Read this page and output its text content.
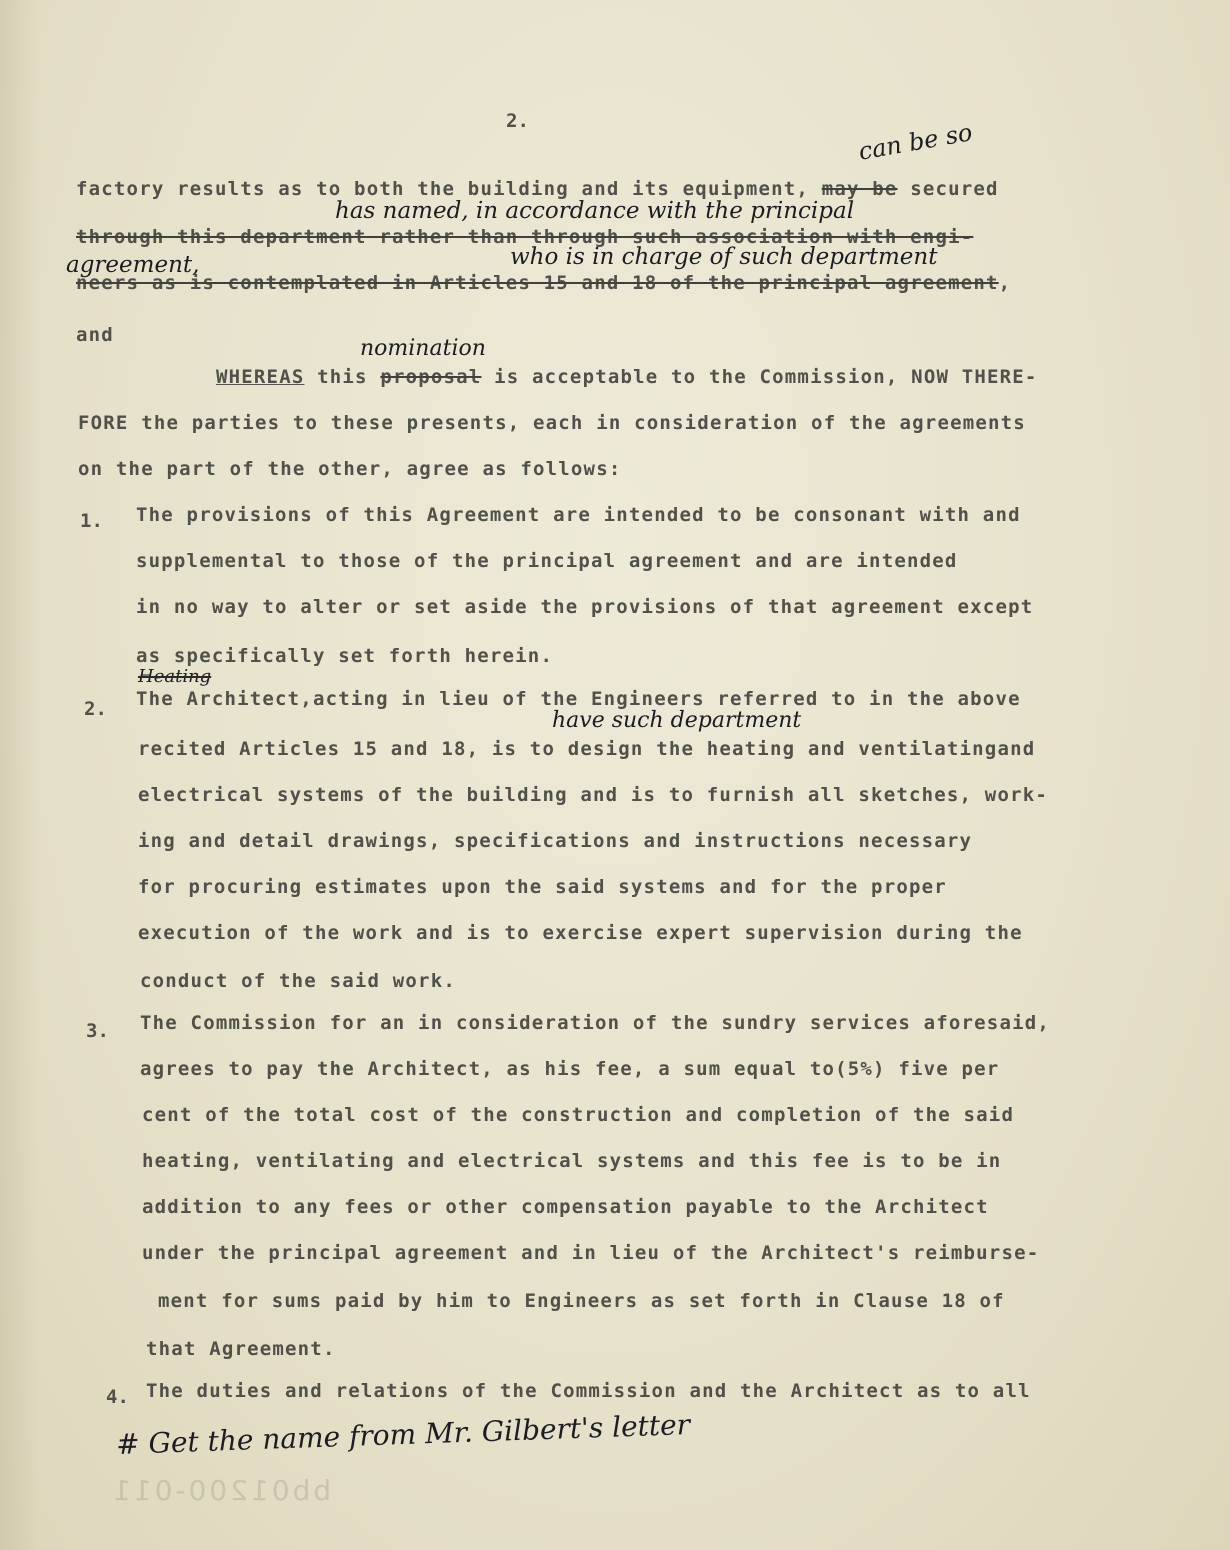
2.	can be so
factory results as to both the building and its equipment, may be secured
has named, in accordance with the principal
through this department rather than through such association with engi-
agreement,	who is in charge of such department
neers as is contemplated in Articles 15 and 18 of the principal agreement,
and
nomination
WHEREAS this proposal is acceptable to the Commission, NOW THERE-
FORE the parties to these presents, each in consideration of the agreements
on the part of the other, agree as follows:
1. The provisions of this Agreement are intended to be consonant with and
supplemental to those of the principal agreement and are intended
in no way to alter or set aside the provisions of that agreement except
as specifically set forth herein.
Heating
2. The Architect,acting in lieu of the Engineers referred to in the above
have such department
recited Articles 15 and 18, is to design the heating and ventilatingand
electrical systems of the building and is to furnish all sketches, work-
ing and detail drawings, specifications and instructions necessary
for procuring estimates upon the said systems and for the proper
execution of the work and is to exercise expert supervision during the
conduct of the said work.
3. The Commission for an in consideration of the sundry services aforesaid,
agrees to pay the Architect, as his fee, a sum equal to(5%) five per
cent of the total cost of the construction and completion of the said
heating, ventilating and electrical systems and this fee is to be in
addition to any fees or other compensation payable to the Architect
under the principal agreement and in lieu of the Architect's reimburse-
ment for sums paid by him to Engineers as set forth in Clause 18 of
that Agreement.
4. The duties and relations of the Commission and the Architect as to all
# Get the name from Mr. Gilbert's letter
bb01200-011
